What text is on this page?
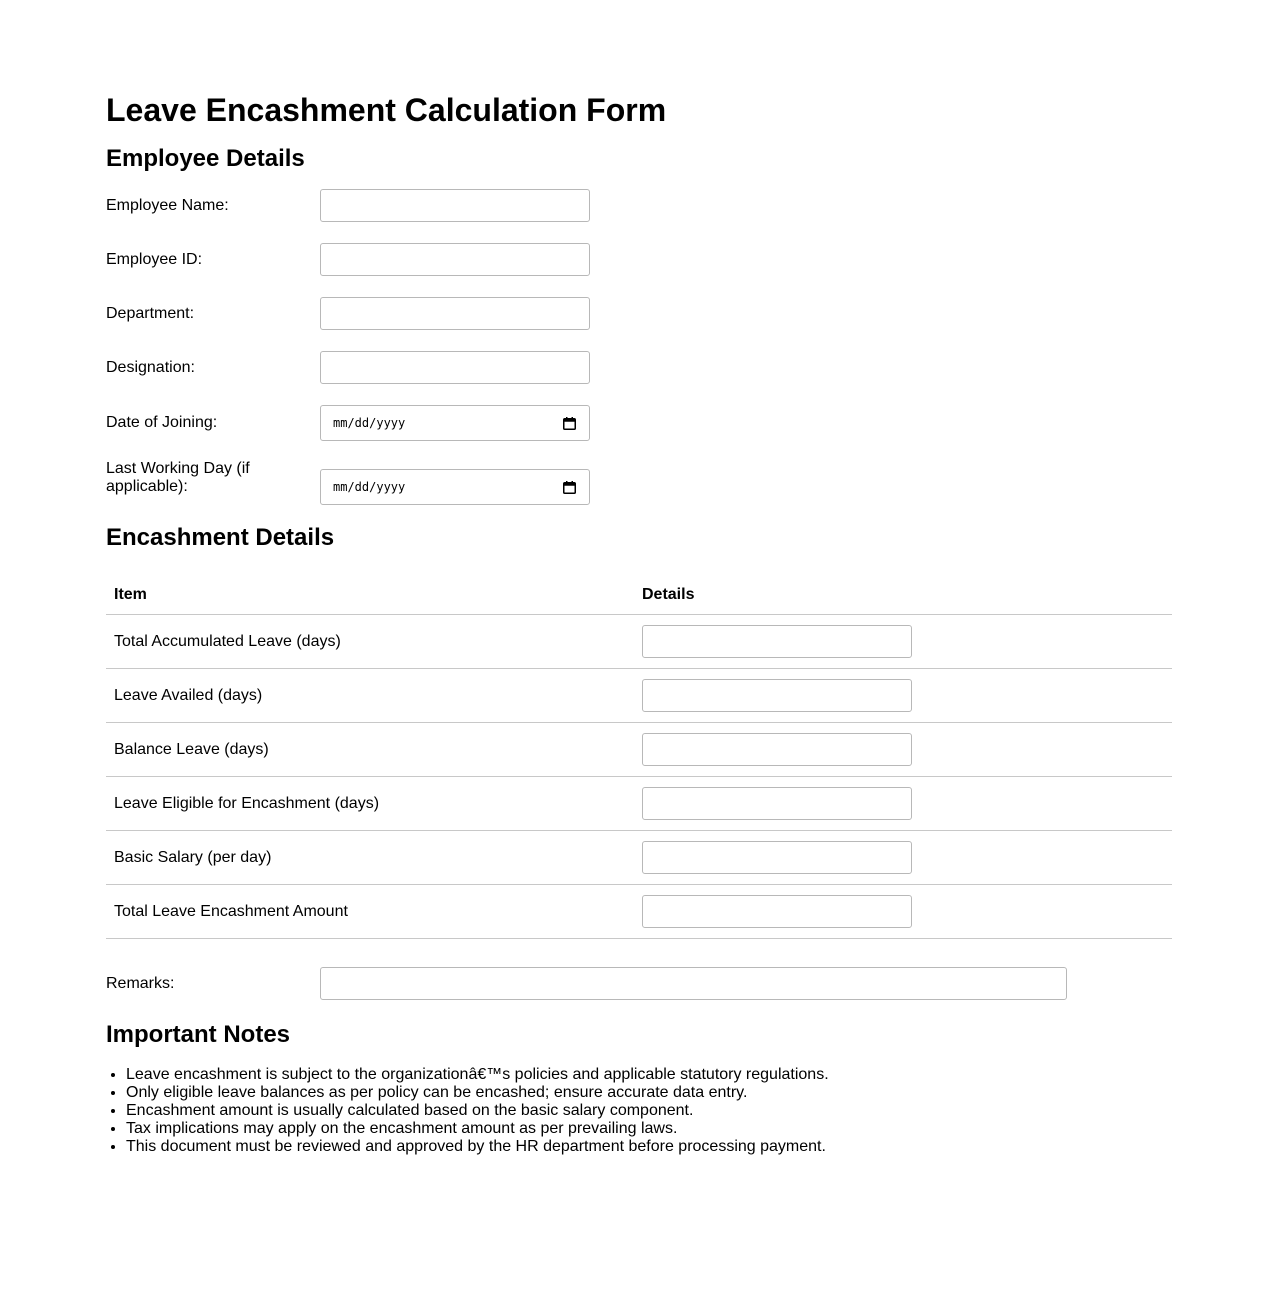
Leave Encashment Calculation Form
Employee Details
Employee Name:
Employee ID:
Department:
Designation:
Date of Joining:	mm/dd/yyyy
Last Working Day (if applicable):	mm/dd/yyyy
Encashment Details
Item	Details
Total Accumulated Leave (days)	

Leave Availed (days)	

Balance Leave (days)	

Leave Eligible for Encashment (days)	

Basic Salary (per day)	

Total Leave Encashment Amount	
Remarks:
Important Notes
• Leave encashment is subject to the organizationâ€™s policies and applicable statutory regulations.
• Only eligible leave balances as per policy can be encashed; ensure accurate data entry.
• Encashment amount is usually calculated based on the basic salary component.
• Tax implications may apply on the encashment amount as per prevailing laws.
• This document must be reviewed and approved by the HR department before processing payment.
